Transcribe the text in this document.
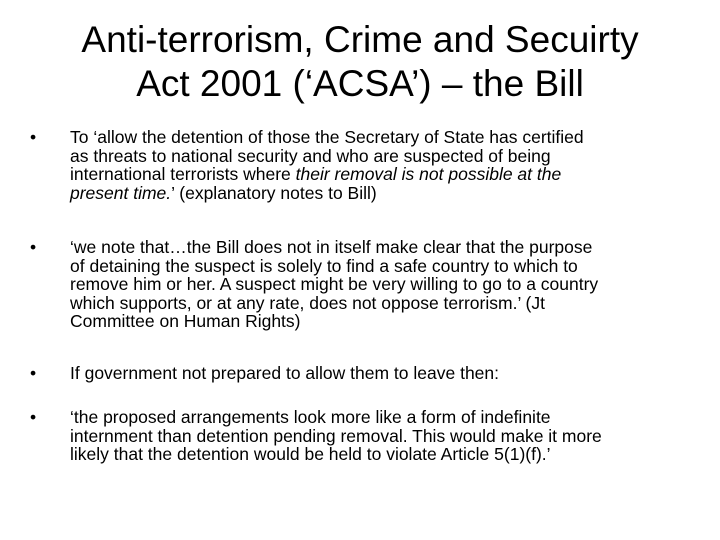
Anti-terrorism, Crime and Secuirty
Act 2001 (‘ACSA’) – the Bill
•	To ‘allow the detention of those the Secretary of State has certified
as threats to national security and who are suspected of being
international terrorists where their removal is not possible at the
present time.’ (explanatory notes to Bill)
•	‘we note that…the Bill does not in itself make clear that the purpose
of detaining the suspect is solely to find a safe country to which to
remove him or her. A suspect might be very willing to go to a country
which supports, or at any rate, does not oppose terrorism.’ (Jt
Committee on Human Rights)
•	If government not prepared to allow them to leave then:
•	‘the proposed arrangements look more like a form of indefinite
internment than detention pending removal. This would make it more
likely that the detention would be held to violate Article 5(1)(f).’
